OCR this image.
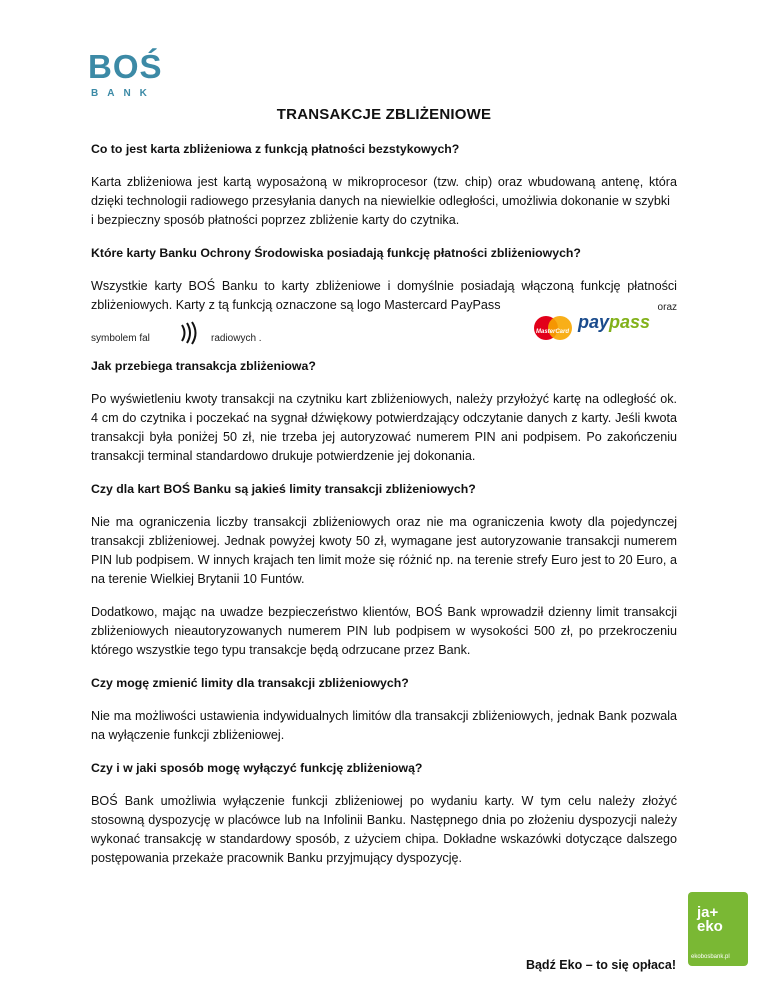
BO Ś
BANK
TRANSAKCJE ZBLIŻENIOWE

Co to jest karta zbliżeniowa z funkcją płatności bezstykowych?

Karta zbliżeniowa jest kartą wyposażoną w mikroprocesor (tzw. chip) oraz wbudowaną antenę, która dzięki technologii radiowego przesyłania danych na niewielkie odległości, umożliwia dokonanie w szybki

i bezpieczny sposób płatności poprzez zbliżenie karty do czytnika.

Które karty Banku Ochrony Środowiska posiadają funkcję płatności zbliżeniowych?

Wszystkie karty BOŚ Banku to karty zbliżeniowe i domyślnie posiadają włączoną funkcję płatności zbliżeniowych. Karty z tą funkcją oznaczone są logo Mastercard PayPass	oraz

symbolem fal	radiowych .
MasterCard paypass

Jak przebiega transakcja zbliżeniowa?

Po wyświetleniu kwoty transakcji na czytniku kart zbliżeniowych, należy przyłożyć kartę na odległość ok. 4 cm do czytnika i poczekać na sygnał dźwiękowy potwierdzający odczytanie danych z karty. Jeśli kwota transakcji była poniżej 50 zł, nie trzeba jej autoryzować numerem PIN ani podpisem. Po zakończeniu transakcji terminal standardowo drukuje potwierdzenie jej dokonania.

Czy dla kart BOŚ Banku są jakieś limity transakcji zbliżeniowych?

Nie ma ograniczenia liczby transakcji zbliżeniowych oraz nie ma ograniczenia kwoty dla pojedynczej transakcji zbliżeniowej. Jednak powyżej kwoty 50 zł, wymagane jest autoryzowanie transakcji numerem PIN lub podpisem. W innych krajach ten limit może się różnić np. na terenie strefy Euro jest to 20 Euro, a na terenie Wielkiej Brytanii 10 Funtów.

Dodatkowo, mając na uwadze bezpieczeństwo klientów, BOŚ Bank wprowadził dzienny limit transakcji zbliżeniowych nieautoryzowanych numerem PIN lub podpisem w wysokości 500 zł, po przekroczeniu którego wszystkie tego typu transakcje będą odrzucane przez Bank.

Czy mogę zmienić limity dla transakcji zbliżeniowych?

Nie ma możliwości ustawienia indywidualnych limitów dla transakcji zbliżeniowych, jednak Bank pozwala na wyłączenie funkcji zbliżeniowej.

Czy i w jaki sposób mogę wyłączyć funkcję zbliżeniową?

BOŚ Bank umożliwia wyłączenie funkcji zbliżeniowej po wydaniu karty. W tym celu należy złożyć stosowną dyspozycję w placówce lub na Infolinii Banku. Następnego dnia po złożeniu dyspozycji należy wykonać transakcję w standardowy sposób, z użyciem chipa. Dokładne wskazówki dotyczące dalszego postępowania przekaże pracownik Banku przyjmujący dyspozycję.

Bądź Eko – to się opłaca!
ja+
eko
ekobosbank.pl
